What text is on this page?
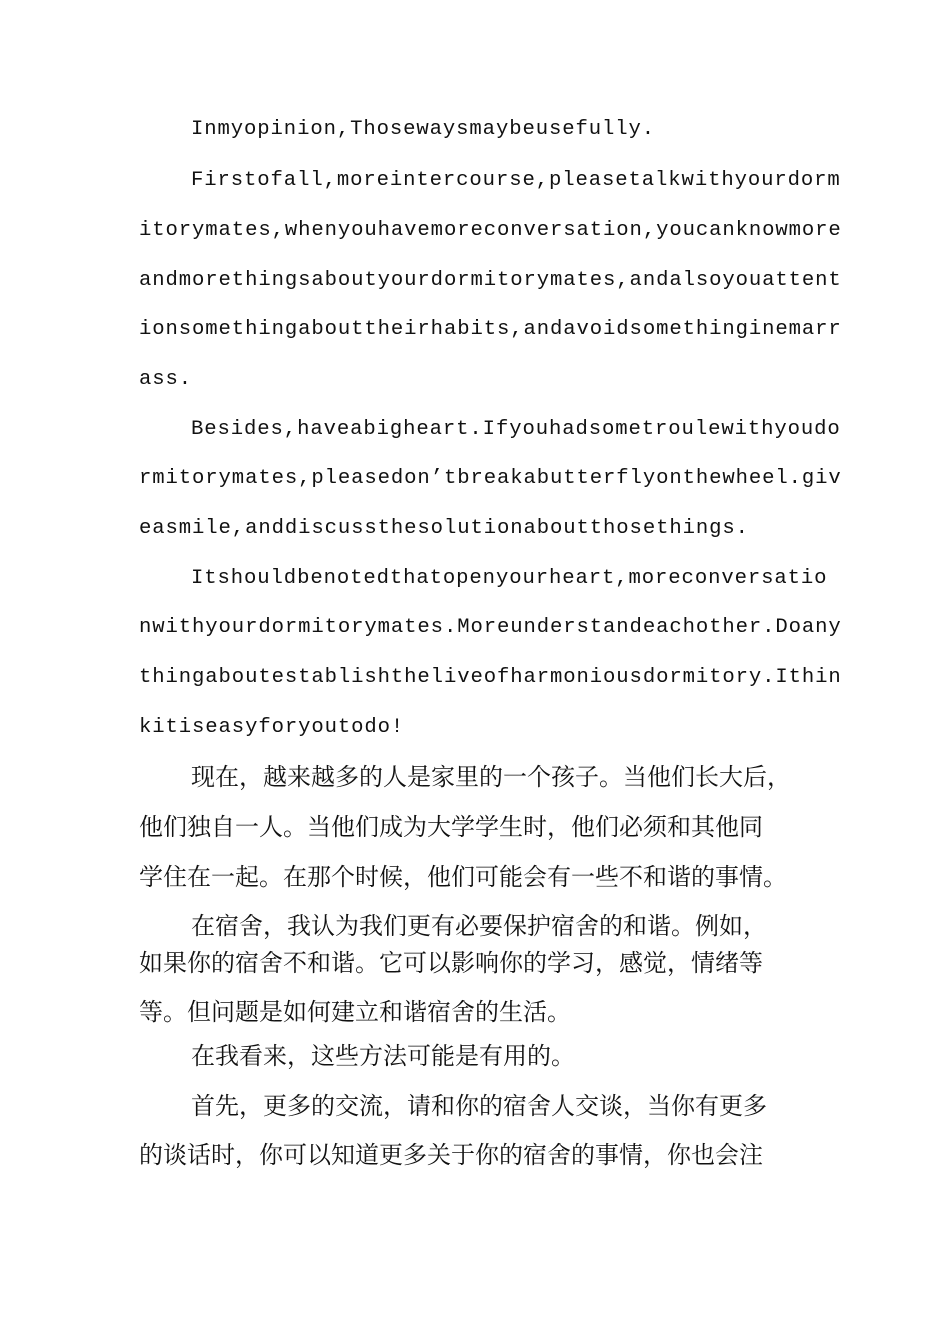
Inmyopinion,Thosewaysmaybeusefully.

Firstofall,moreintercourse,pleasetalkwithyourdorm

itorymates,whenyouhavemoreconversation,youcanknowmore

andmorethingsaboutyourdormitorymates,andalsoyouattent

ionsomethingabouttheirhabits,andavoidsomethinginemarr

ass.

Besides,haveabigheart.Ifyouhadsometroulewithyoudo

rmitorymates,pleasedon’tbreakabutterflyonthewheel.giv

easmile,anddiscussthesolutionaboutthosethings.

Itshouldbenotedthatopenyourheart,moreconversatio

nwithyourdormitorymates.Moreunderstandeachother.Doany

thingaboutestablishtheliveofharmoniousdormitory.Ithin

kitiseasyforyoutodo!

现在，越来越多的人是家里的一个孩子。当他们长大后，

他们独自一人。当他们成为大学学生时，他们必须和其他同

学住在一起。在那个时候，他们可能会有一些不和谐的事情。

在宿舍，我认为我们更有必要保护宿舍的和谐。例如，

如果你的宿舍不和谐。它可以影响你的学习，感觉，情绪等

等。但问题是如何建立和谐宿舍的生活。

在我看来，这些方法可能是有用的。

首先，更多的交流，请和你的宿舍人交谈，当你有更多

的谈话时，你可以知道更多关于你的宿舍的事情，你也会注
